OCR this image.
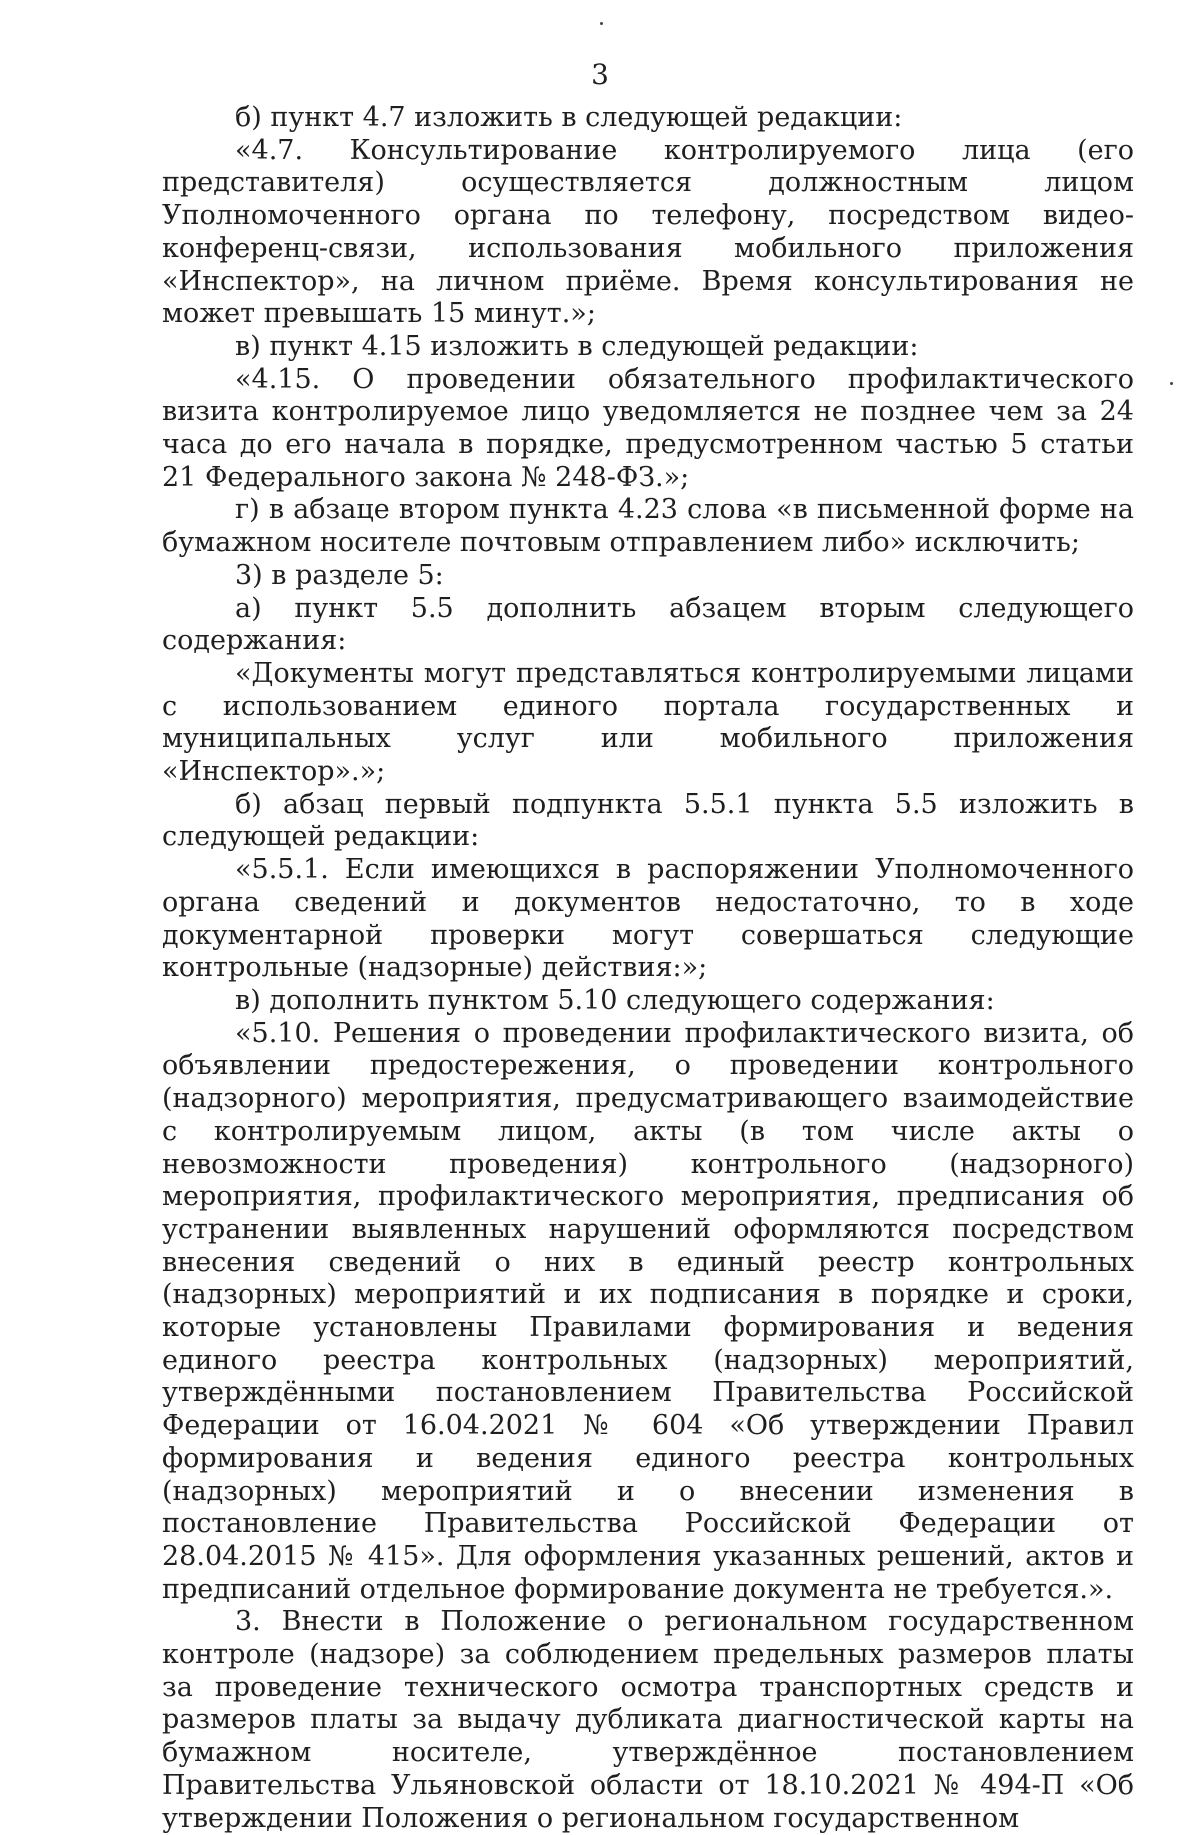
3

б) пункт 4.7 изложить в следующей редакции:

«4.7. Консультирование контролируемого лица (его представителя) осуществляется должностным лицом Уполномоченного органа по телефону, посредством видео-конференц-связи, использования мобильного приложения «Инспектор», на личном приёме. Время консультирования не может превышать 15 минут.»;

в) пункт 4.15 изложить в следующей редакции:

«4.15. О проведении обязательного профилактического визита контролируемое лицо уведомляется не позднее чем за 24 часа до его начала в порядке, предусмотренном частью 5 статьи 21 Федерального закона № 248-ФЗ.»;

г) в абзаце втором пункта 4.23 слова «в письменной форме на бумажном носителе почтовым отправлением либо» исключить;

3) в разделе 5:

а) пункт 5.5 дополнить абзацем вторым следующего содержания:

«Документы могут представляться контролируемыми лицами с использованием единого портала государственных и муниципальных услуг или мобильного приложения «Инспектор».»;

б) абзац первый подпункта 5.5.1 пункта 5.5 изложить в следующей редакции:

«5.5.1. Если имеющихся в распоряжении Уполномоченного органа сведений и документов недостаточно, то в ходе документарной проверки могут совершаться следующие контрольные (надзорные) действия:»;

в) дополнить пунктом 5.10 следующего содержания:

«5.10. Решения о проведении профилактического визита, об объявлении предостережения, о проведении контрольного (надзорного) мероприятия, предусматривающего взаимодействие с контролируемым лицом, акты (в том числе акты о невозможности проведения) контрольного (надзорного) мероприятия, профилактического мероприятия, предписания об устранении выявленных нарушений оформляются посредством внесения сведений о них в единый реестр контрольных (надзорных) мероприятий и их подписания в порядке и сроки, которые установлены Правилами формирования и ведения единого реестра контрольных (надзорных) мероприятий, утверждёнными постановлением Правительства Российской Федерации от 16.04.2021 № 604 «Об утверждении Правил формирования и ведения единого реестра контрольных (надзорных) мероприятий и о внесении изменения в постановление Правительства Российской Федерации от 28.04.2015 № 415». Для оформления указанных решений, актов и предписаний отдельное формирование документа не требуется.».

3. Внести в Положение о региональном государственном контроле (надзоре) за соблюдением предельных размеров платы за проведение технического осмотра транспортных средств и размеров платы за выдачу дубликата диагностической карты на бумажном носителе, утверждённое постановлением Правительства Ульяновской области от 18.10.2021 № 494-П «Об утверждении Положения о региональном государственном
